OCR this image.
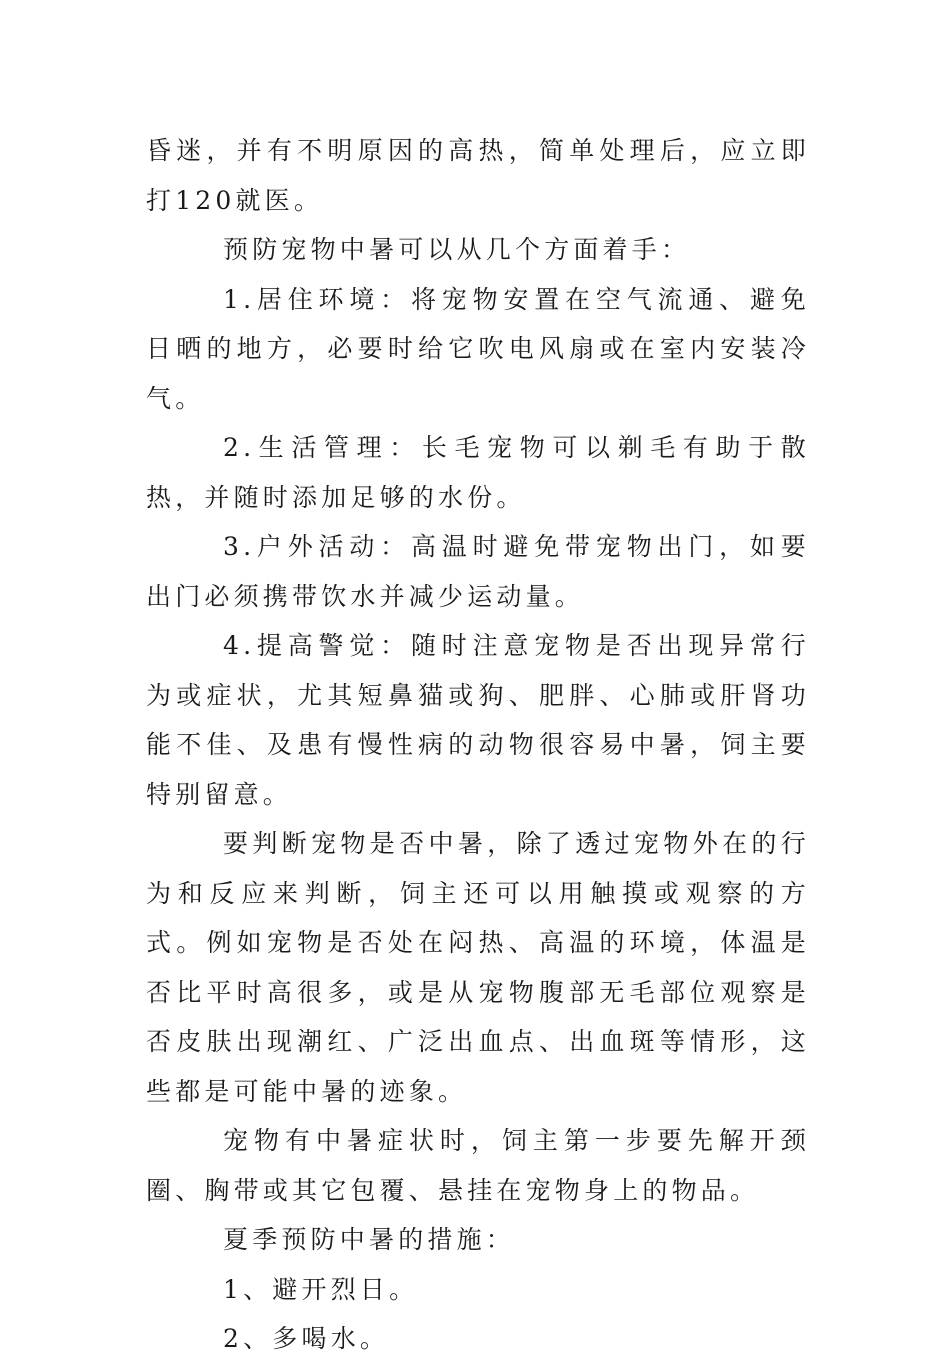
昏迷，并有不明原因的高热，简单处理后，应立即打120就医。

预防宠物中暑可以从几个方面着手：

1.居住环境：将宠物安置在空气流通、避免日晒的地方，必要时给它吹电风扇或在室内安装冷气。

2.生活管理：长毛宠物可以剃毛有助于散热，并随时添加足够的水份。

3.户外活动：高温时避免带宠物出门，如要出门必须携带饮水并减少运动量。

4.提高警觉：随时注意宠物是否出现异常行为或症状，尤其短鼻猫或狗、肥胖、心肺或肝肾功能不佳、及患有慢性病的动物很容易中暑，饲主要特别留意。

要判断宠物是否中暑，除了透过宠物外在的行为和反应来判断，饲主还可以用触摸或观察的方式。例如宠物是否处在闷热、高温的环境，体温是否比平时高很多，或是从宠物腹部无毛部位观察是否皮肤出现潮红、广泛出血点、出血斑等情形，这些都是可能中暑的迹象。

宠物有中暑症状时，饲主第一步要先解开颈圈、胸带或其它包覆、悬挂在宠物身上的物品。

夏季预防中暑的措施：

1、避开烈日。

2、多喝水。
